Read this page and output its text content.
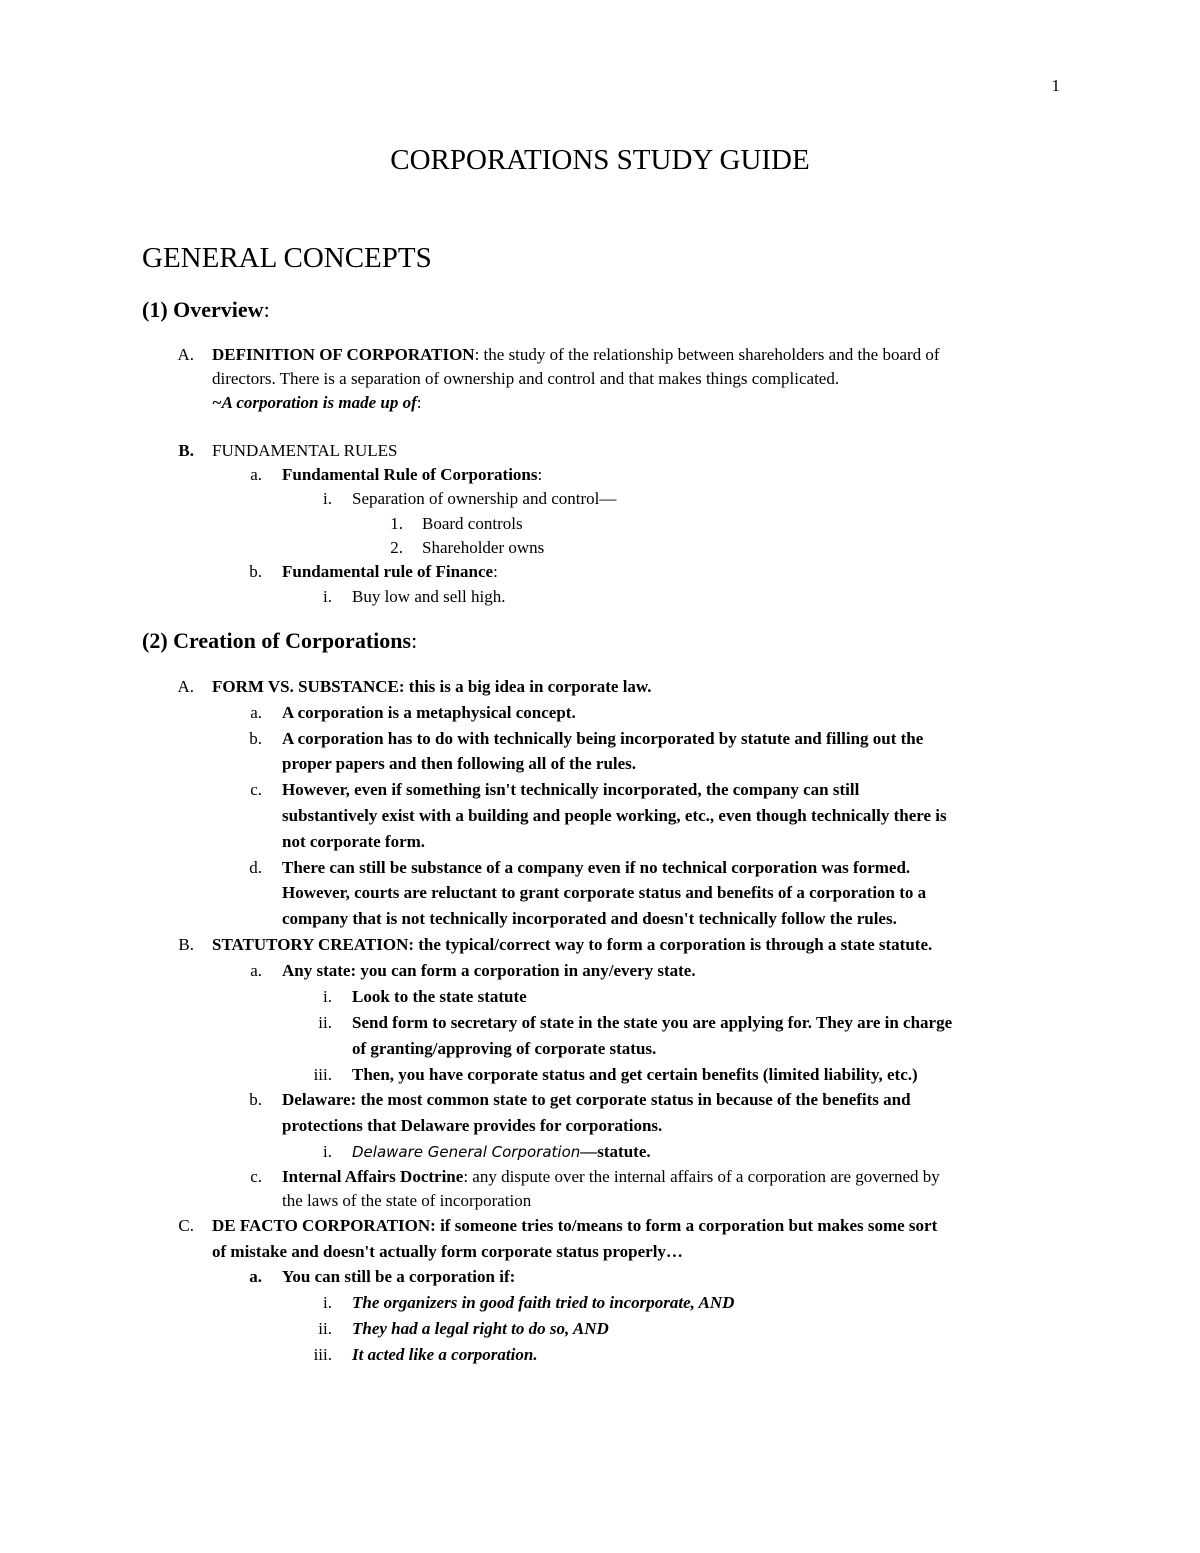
1
CORPORATIONS STUDY GUIDE
GENERAL CONCEPTS
(1) Overview:
A. DEFINITION OF CORPORATION: the study of the relationship between shareholders and the board of
directors. There is a separation of ownership and control and that makes things complicated.
~A corporation is made up of:
B. FUNDAMENTAL RULES
a. Fundamental Rule of Corporations:
i. Separation of ownership and control—
1. Board controls
2. Shareholder owns
b. Fundamental rule of Finance:
i. Buy low and sell high.
(2) Creation of Corporations:
A. FORM VS. SUBSTANCE: this is a big idea in corporate law.
a. A corporation is a metaphysical concept.
b. A corporation has to do with technically being incorporated by statute and filling out the
proper papers and then following all of the rules.
c. However, even if something isn't technically incorporated, the company can still
substantively exist with a building and people working, etc., even though technically there is
not corporate form.
d. There can still be substance of a company even if no technical corporation was formed.
However, courts are reluctant to grant corporate status and benefits of a corporation to a
company that is not technically incorporated and doesn't technically follow the rules.
B. STATUTORY CREATION: the typical/correct way to form a corporation is through a state statute.
a. Any state: you can form a corporation in any/every state.
i. Look to the state statute
ii. Send form to secretary of state in the state you are applying for. They are in charge
of granting/approving of corporate status.
iii. Then, you have corporate status and get certain benefits (limited liability, etc.)
b. Delaware: the most common state to get corporate status in because of the benefits and
protections that Delaware provides for corporations.
i. Delaware General Corporation—statute.
c. Internal Affairs Doctrine: any dispute over the internal affairs of a corporation are governed by
the laws of the state of incorporation
C. DE FACTO CORPORATION: if someone tries to/means to form a corporation but makes some sort
of mistake and doesn't actually form corporate status properly…
a. You can still be a corporation if:
i. The organizers in good faith tried to incorporate, AND
ii. They had a legal right to do so, AND
iii. It acted like a corporation.
